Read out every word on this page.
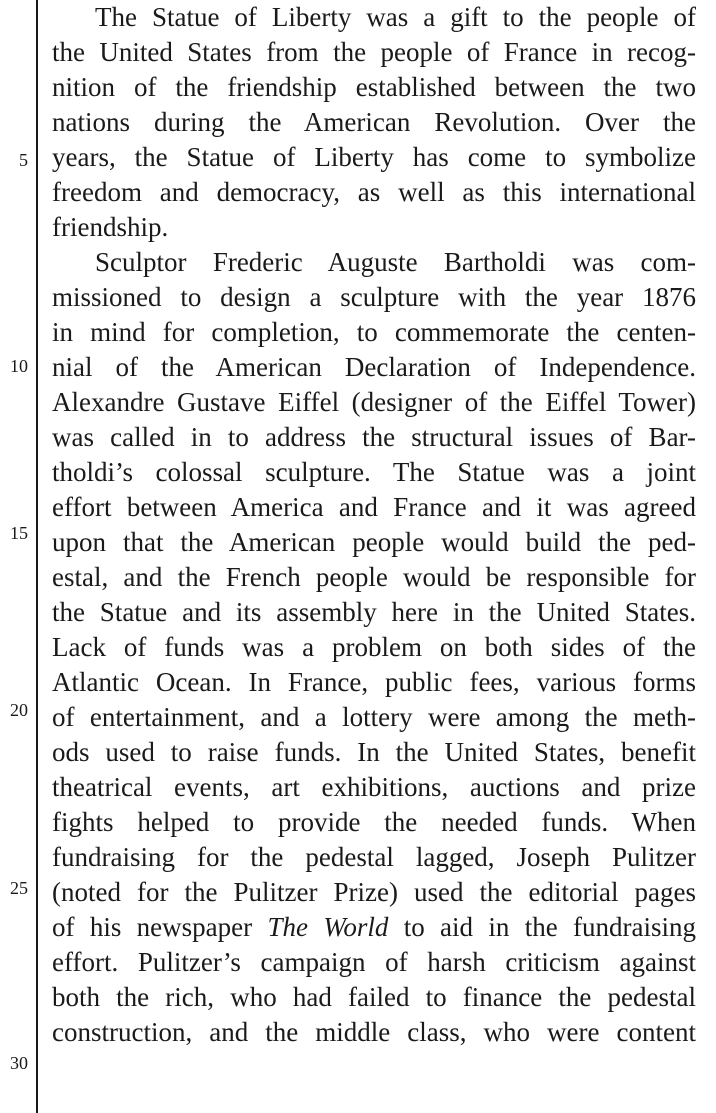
5
10
15
20
25
30
The Statue of Liberty was a gift to the people of
the United States from the people of France in recog-
nition of the friendship established between the two
nations during the American Revolution. Over the
years, the Statue of Liberty has come to symbolize
freedom and democracy, as well as this international
friendship.
Sculptor Frederic Auguste Bartholdi was com-
missioned to design a sculpture with the year 1876
in mind for completion, to commemorate the centen-
nial of the American Declaration of Independence.
Alexandre Gustave Eiffel (designer of the Eiffel Tower)
was called in to address the structural issues of Bar-
tholdi’s colossal sculpture. The Statue was a joint
effort between America and France and it was agreed
upon that the American people would build the ped-
estal, and the French people would be responsible for
the Statue and its assembly here in the United States.
Lack of funds was a problem on both sides of the
Atlantic Ocean. In France, public fees, various forms
of entertainment, and a lottery were among the meth-
ods used to raise funds. In the United States, benefit
theatrical events, art exhibitions, auctions and prize
fights helped to provide the needed funds. When
fundraising for the pedestal lagged, Joseph Pulitzer
(noted for the Pulitzer Prize) used the editorial pages
of his newspaper The World to aid in the fundraising
effort. Pulitzer’s campaign of harsh criticism against
both the rich, who had failed to finance the pedestal
construction, and the middle class, who were content
